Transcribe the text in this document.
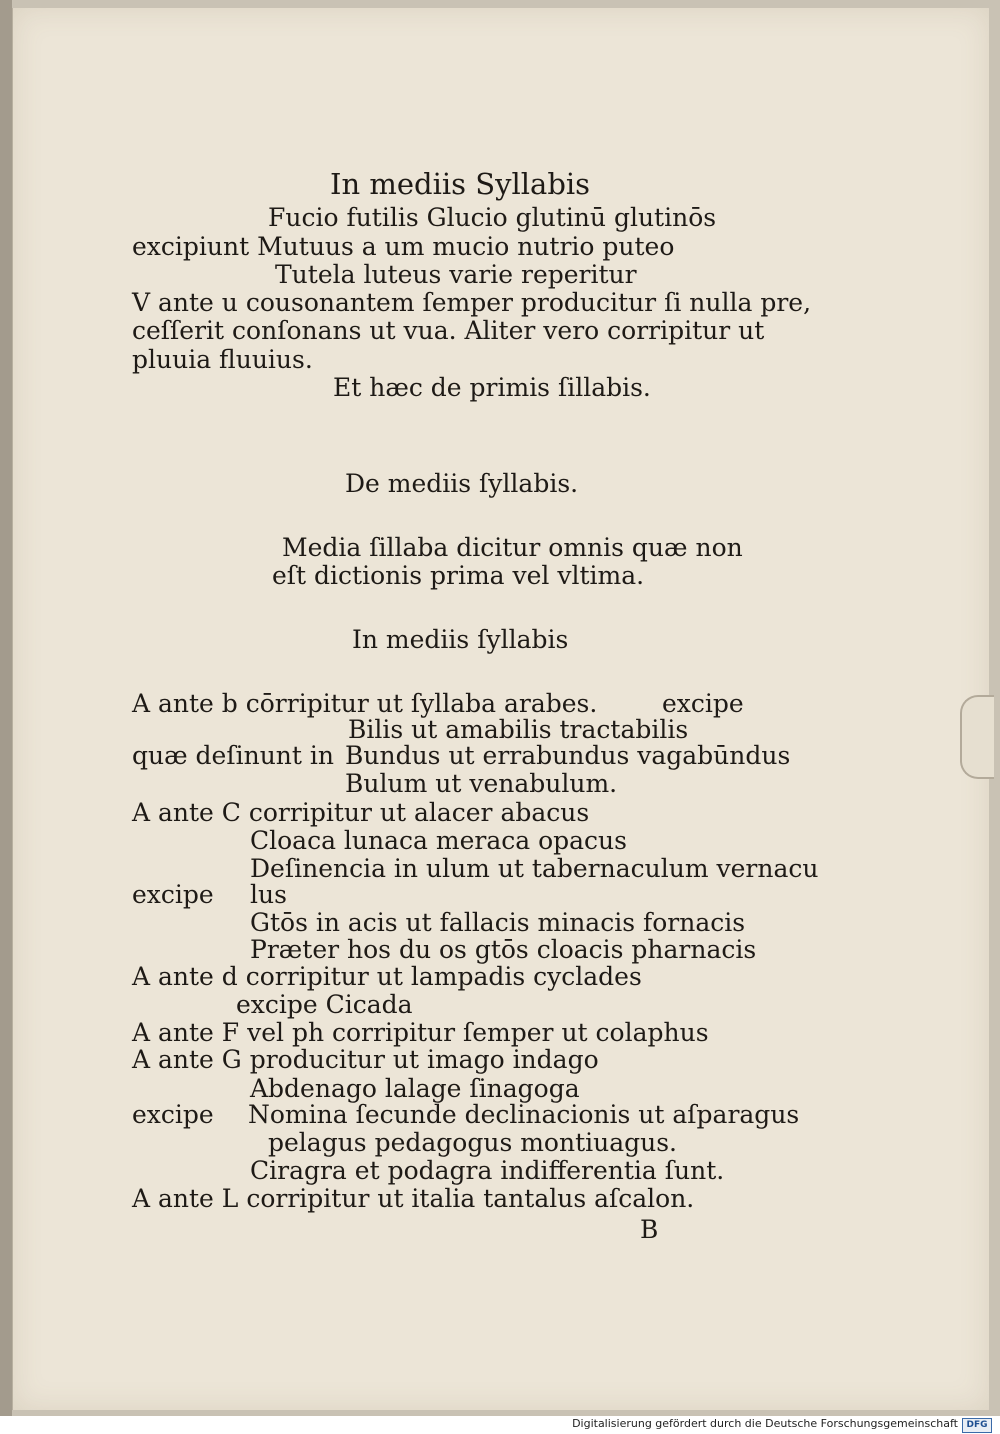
In mediis Syllabis
Fucio futilis Glucio glutinū glutinōs
excipiunt Mutuus a um mucio nutrio puteo
Tutela luteus varie reperitur
V ante u cousonantem ſemper producitur ſi nulla pre,
ceſſerit conſonans ut vua. Aliter vero corripitur ut
pluuia fluuius.
Et hæc de primis ſillabis.
De mediis ſyllabis.
Media ſillaba dicitur omnis quæ non
eſt dictionis prima vel vltima.
In mediis ſyllabis
A ante b cōrripitur ut ſyllaba arabes.	excipe
Bilis ut amabilis tractabilis
quæ deſinunt in Bundus ut errabundus vagabūndus
Bulum ut venabulum.
A ante C corripitur ut alacer abacus
Cloaca lunaca meraca opacus
Deſinencia in ulum ut tabernaculum vernacu
excipe lus
Gtōs in acis ut fallacis minacis fornacis
Præter hos du os gtōs cloacis pharnacis
A ante d corripitur ut lampadis cyclades
excipe Cicada
A ante F vel ph corripitur ſemper ut colaphus
A ante G producitur ut imago indago
Abdenago lalage ſinagoga
excipe Nomina ſecunde declinacionis ut aſparagus
pelagus pedagogus montiuagus.
Ciragra et podagra indifferentia ſunt.
A ante L corripitur ut italia tantalus aſcalon.
B
Digitalisierung gefördert durch die Deutsche Forschungsgemeinschaft DFG
